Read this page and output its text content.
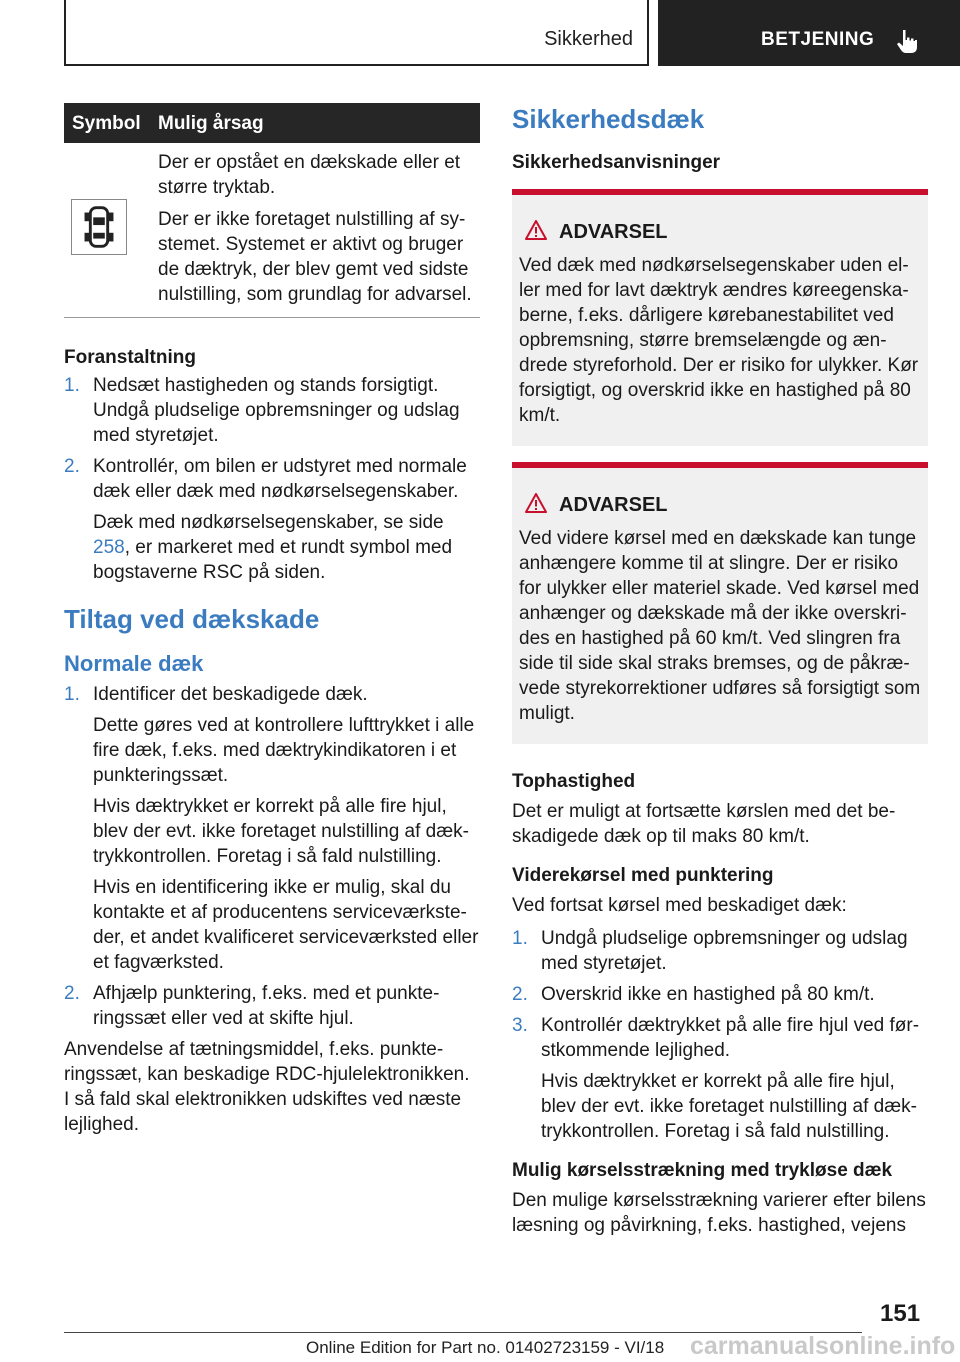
Sikkerhed	BETJENING
Symbol Mulig årsag

Der er opstået en dækskade eller et større tryktab.

Der er ikke foretaget nulstilling af systemet. Systemet er aktivt og bruger de dæktryk, der blev gemt ved sidste nulstilling, som grundlag for advarsel.

Foranstaltning
1. Nedsæt hastigheden og stands forsigtigt. Undgå pludselige opbremsninger og udslag med styretøjet.

2. Kontrollér, om bilen er udstyret med normale dæk eller dæk med nødkørselsegenskaber.

Dæk med nødkørselsegenskaber, se side 258, er markeret med et rundt symbol med bogstaverne RSC på siden.

Tiltag ved dækskade
Normale dæk
1. Identificer det beskadigede dæk.

Dette gøres ved at kontrollere lufttrykket i alle fire dæk, f.eks. med dæktrykindikatoren i et punkteringssæt.

Hvis dæktrykket er korrekt på alle fire hjul, blev der evt. ikke foretaget nulstilling af dæktrykkontrollen. Foretag i så fald nulstilling.

Hvis en identificering ikke er mulig, skal du kontakte et af producentens serviceværksteder, et andet kvalificeret serviceværksted eller et fagværksted.

2. Afhjælp punktering, f.eks. med et punkteringssæt eller ved at skifte hjul.

Anvendelse af tætningsmiddel, f.eks. punkteringssæt, kan beskadige RDC-hjulelektronikken. I så fald skal elektronikken udskiftes ved næste lejlighed.

Sikkerhedsdæk
Sikkerhedsanvisninger
ADVARSEL

Ved dæk med nødkørselsegenskaber uden eller med for lavt dæktryk ændres køreegenskaberne, f.eks. dårligere kørebanestabilitet ved opbremsning, større bremselængde og ændrede styreforhold. Der er risiko for ulykker. Kør forsigtigt, og overskrid ikke en hastighed på 80 km/t.

ADVARSEL

Ved videre kørsel med en dækskade kan tunge anhængere komme til at slingre. Der er risiko for ulykker eller materiel skade. Ved kørsel med anhænger og dækskade må der ikke overskrides en hastighed på 60 km/t. Ved slingren fra side til side skal straks bremses, og de påkrævede styrekorrektioner udføres så forsigtigt som muligt.

Tophastighed

Det er muligt at fortsætte kørslen med det beskadigede dæk op til maks 80 km/t.

Viderekørsel med punktering

Ved fortsat kørsel med beskadiget dæk:

1. Undgå pludselige opbremsninger og udslag med styretøjet.

2. Overskrid ikke en hastighed på 80 km/t.

3. Kontrollér dæktrykket på alle fire hjul ved førstkommende lejlighed.

Hvis dæktrykket er korrekt på alle fire hjul, blev der evt. ikke foretaget nulstilling af dæktrykkontrollen. Foretag i så fald nulstilling.

Mulig kørselsstrækning med trykløse dæk

Den mulige kørselsstrækning varierer efter bilens læsning og påvirkning, f.eks. hastighed, vejens

151
Online Edition for Part no. 01402723159 - VI/18 carmanualsonline.info
